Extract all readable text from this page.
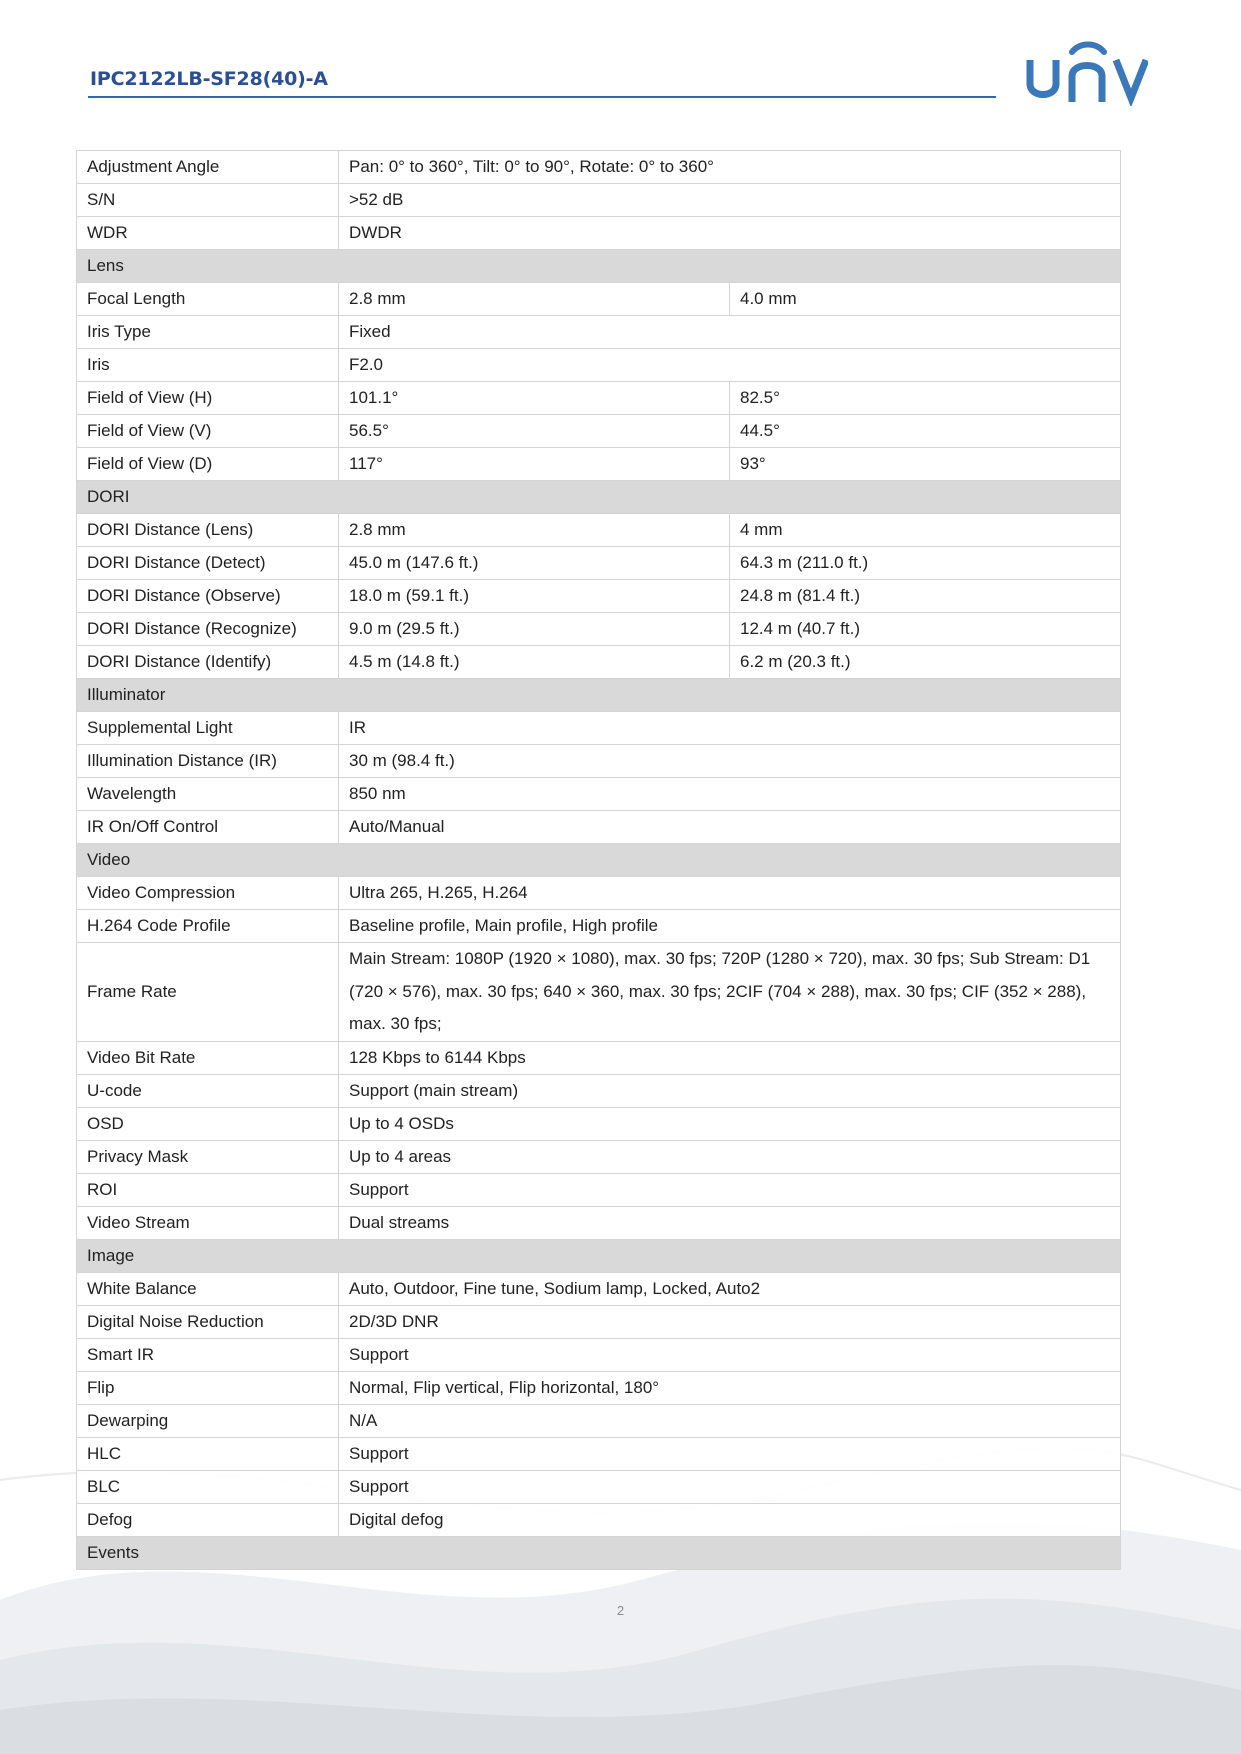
IPC2122LB-SF28(40)-A
Adjustment Angle	Pan: 0° to 360°, Tilt: 0° to 90°, Rotate: 0° to 360°	
S/N	>52 dB	
WDR	DWDR	
Lens		
Focal Length	2.8 mm	4.0 mm
Iris Type	Fixed	
Iris	F2.0	
Field of View (H)	101.1°	82.5°
Field of View (V)	56.5°	44.5°
Field of View (D)	117°	93°
DORI		
DORI Distance (Lens)	2.8 mm	4 mm
DORI Distance (Detect)	45.0 m (147.6 ft.)	64.3 m (211.0 ft.)
DORI Distance (Observe)	18.0 m (59.1 ft.)	24.8 m (81.4 ft.)
DORI Distance (Recognize)	9.0 m (29.5 ft.)	12.4 m (40.7 ft.)
DORI Distance (Identify)	4.5 m (14.8 ft.)	6.2 m (20.3 ft.)
Illuminator		
Supplemental Light	IR	
Illumination Distance (IR)	30 m (98.4 ft.)	
Wavelength	850 nm	
IR On/Off Control	Auto/Manual	
Video		
Video Compression	Ultra 265, H.265, H.264	
H.264 Code Profile	Baseline profile, Main profile, High profile	
Frame Rate	Main Stream: 1080P (1920 × 1080), max. 30 fps; 720P (1280 × 720), max. 30 fps; Sub Stream: D1 (720 × 576), max. 30 fps; 640 × 360, max. 30 fps; 2CIF (704 × 288), max. 30 fps; CIF (352 × 288), max. 30 fps;	
Video Bit Rate	128 Kbps to 6144 Kbps	
U-code	Support (main stream)	
OSD	Up to 4 OSDs	
Privacy Mask	Up to 4 areas	
ROI	Support	
Video Stream	Dual streams	
Image		
White Balance	Auto, Outdoor, Fine tune, Sodium lamp, Locked, Auto2	
Digital Noise Reduction	2D/3D DNR	
Smart IR	Support	
Flip	Normal, Flip vertical, Flip horizontal, 180°	
Dewarping	N/A	
HLC	Support	
BLC	Support	
Defog	Digital defog	
Events		
2
